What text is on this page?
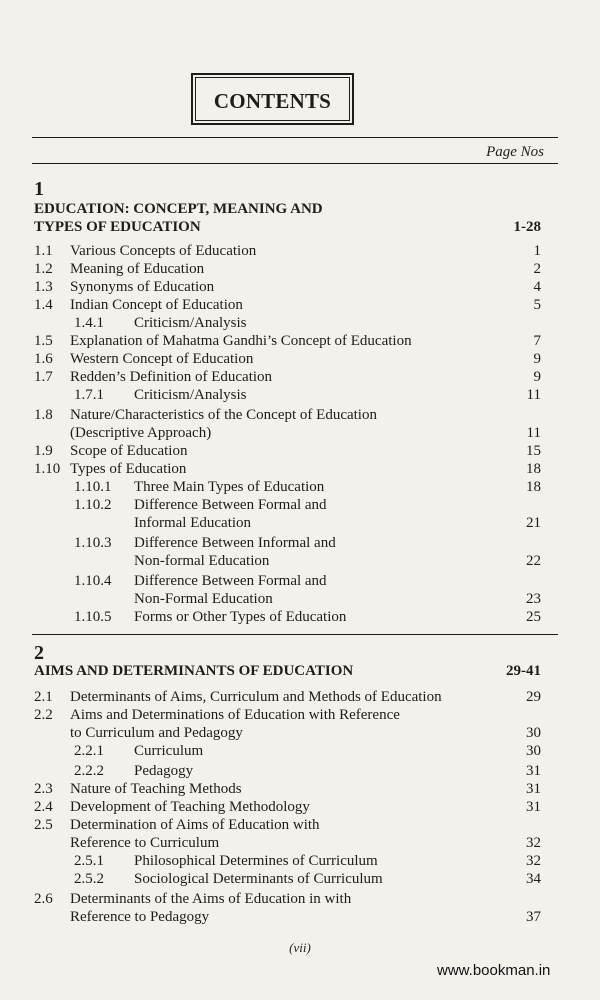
CONTENTS
Page Nos
1
EDUCATION: CONCEPT, MEANING AND
TYPES OF EDUCATION	1-28
1.1 Various Concepts of Education	1
1.2 Meaning of Education	2
1.3 Synonyms of Education	4
1.4 Indian Concept of Education	5
1.4.1 Criticism/Analysis
1.5 Explanation of Mahatma Gandhi’s Concept of Education	7
1.6 Western Concept of Education	9
1.7 Redden’s Definition of Education	9
1.7.1 Criticism/Analysis	11
1.8 Nature/Characteristics of the Concept of Education
(Descriptive Approach)	11
1.9 Scope of Education	15
1.10 Types of Education	18
1.10.1 Three Main Types of Education	18
1.10.2 Difference Between Formal and
Informal Education	21
1.10.3 Difference Between Informal and
Non-formal Education	22
1.10.4 Difference Between Formal and
Non-Formal Education	23
1.10.5 Forms or Other Types of Education	25
2
AIMS AND DETERMINANTS OF EDUCATION	29-41
2.1 Determinants of Aims, Curriculum and Methods of Education	29
2.2 Aims and Determinations of Education with Reference
to Curriculum and Pedagogy	30
2.2.1 Curriculum	30
2.2.2 Pedagogy	31
2.3 Nature of Teaching Methods	31
2.4 Development of Teaching Methodology	31
2.5 Determination of Aims of Education with
Reference to Curriculum	32
2.5.1 Philosophical Determines of Curriculum	32
2.5.2 Sociological Determinants of Curriculum	34
2.6 Determinants of the Aims of Education in with
Reference to Pedagogy	37
(vii)
www.bookman.in
